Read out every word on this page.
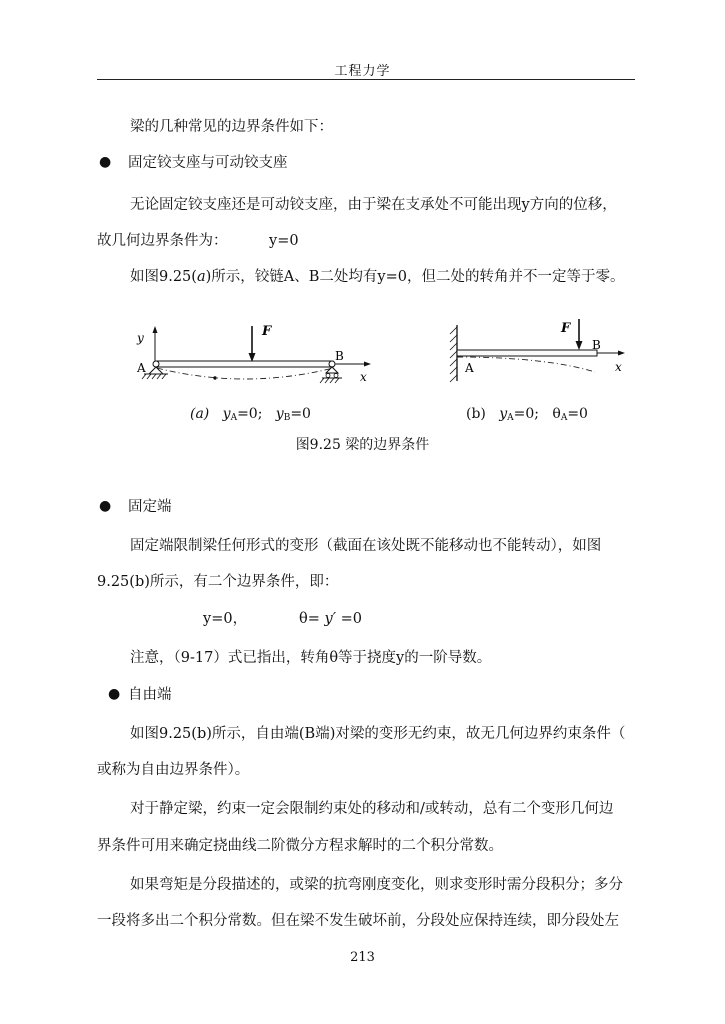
工程力学
梁的几种常见的边界条件如下：
● 固定铰支座与可动铰支座
无论固定铰支座还是可动铰支座，由于梁在支承处不可能出现y方向的位移，
故几何边界条件为：	y=0
如图9.25(a)所示，铰链A、B二处均有y=0，但二处的转角并不一定等于零。
y
x
F
A
B
x
F
A
B
(a) $y_A=0$; $y_B=0$	(b) $y_A=0$; $\theta_A=0$
图9.25 梁的边界条件
● 固定端
固定端限制梁任何形式的变形（截面在该处既不能移动也不能转动），如图
9.25(b)所示，有二个边界条件，即：
y=0，	θ= y′ =0
注意，（9-17）式已指出，转角θ等于挠度y的一阶导数。
● 自由端
如图9.25(b)所示，自由端(B端)对梁的变形无约束，故无几何边界约束条件（
或称为自由边界条件）。
对于静定梁，约束一定会限制约束处的移动和/或转动，总有二个变形几何边
界条件可用来确定挠曲线二阶微分方程求解时的二个积分常数。
如果弯矩是分段描述的，或梁的抗弯刚度变化，则求变形时需分段积分；多分
一段将多出二个积分常数。但在梁不发生破坏前，分段处应保持连续，即分段处左
213
